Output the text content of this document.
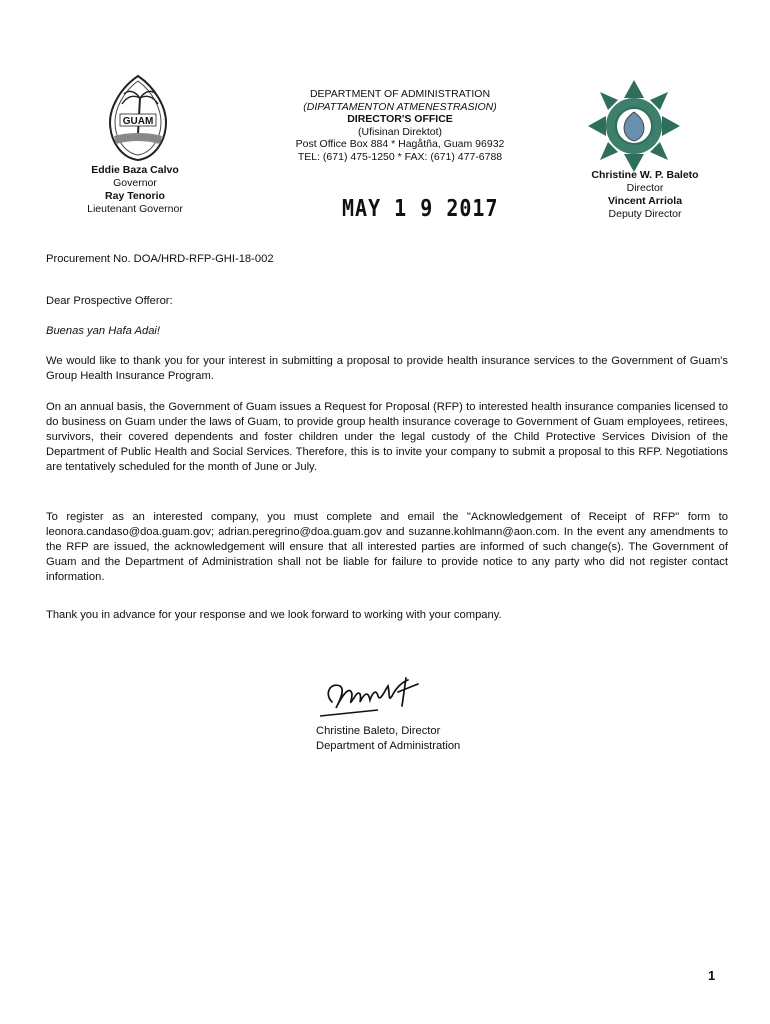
GUAM
Eddie Baza Calvo
Governor
Ray Tenorio
Lieutenant Governor
DEPARTMENT OF ADMINISTRATION
(DIPATTAMENTON ATMENESTRASION)
DIRECTOR'S OFFICE
(Ufisinan Direktot)
Post Office Box 884 * Hagåtña, Guam 96932
TEL: (671) 475-1250 * FAX: (671) 477-6788
MAY 1 9 2017
Christine W. P. Baleto
Director
Vincent Arriola
Deputy Director
Procurement No. DOA/HRD-RFP-GHI-18-002
Dear Prospective Offeror:
Buenas yan Hafa Adai!
We would like to thank you for your interest in submitting a proposal to provide health insurance services to the Government of Guam's Group Health Insurance Program.
On an annual basis, the Government of Guam issues a Request for Proposal (RFP) to interested health insurance companies licensed to do business on Guam under the laws of Guam, to provide group health insurance coverage to Government of Guam employees, retirees, survivors, their covered dependents and foster children under the legal custody of the Child Protective Services Division of the Department of Public Health and Social Services. Therefore, this is to invite your company to submit a proposal to this RFP. Negotiations are tentatively scheduled for the month of June or July.
To register as an interested company, you must complete and email the "Acknowledgement of Receipt of RFP" form to leonora.candaso@doa.guam.gov; adrian.peregrino@doa.guam.gov and suzanne.kohlmann@aon.com. In the event any amendments to the RFP are issued, the acknowledgement will ensure that all interested parties are informed of such change(s). The Government of Guam and the Department of Administration shall not be liable for failure to provide notice to any party who did not register contact information.
Thank you in advance for your response and we look forward to working with your company.
Christine Baleto, Director
Department of Administration
1
